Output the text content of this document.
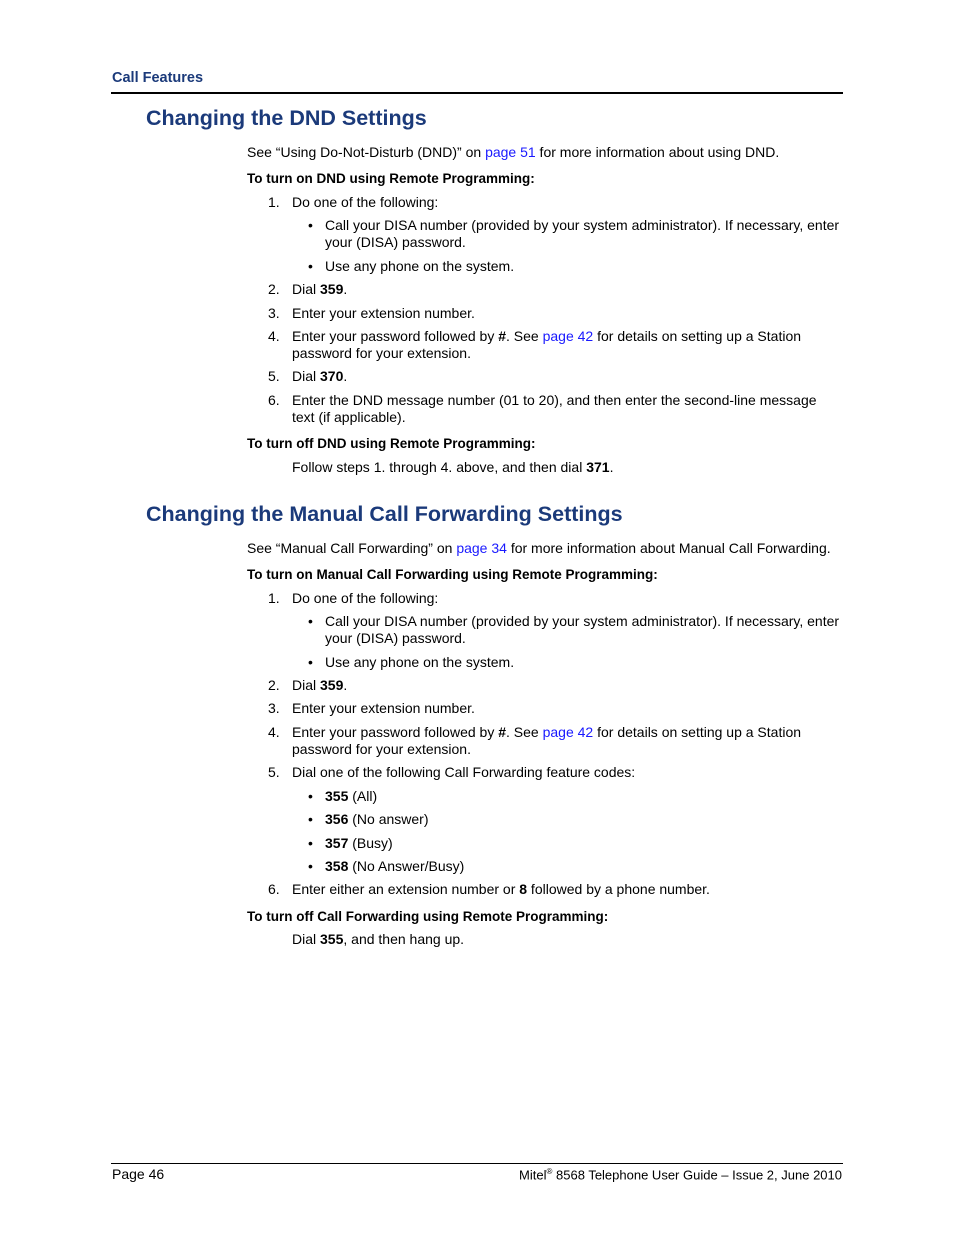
Call Features
Changing the DND Settings
See “Using Do-Not-Disturb (DND)” on page 51 for more information about using DND.
To turn on DND using Remote Programming:
1. Do one of the following:
• Call your DISA number (provided by your system administrator). If necessary, enter your (DISA) password.
• Use any phone on the system.
2. Dial 359.
3. Enter your extension number.
4. Enter your password followed by #. See page 42 for details on setting up a Station password for your extension.
5. Dial 370.
6. Enter the DND message number (01 to 20), and then enter the second-line message text (if applicable).
To turn off DND using Remote Programming:
Follow steps 1. through 4. above, and then dial 371.
Changing the Manual Call Forwarding Settings
See “Manual Call Forwarding” on page 34 for more information about Manual Call Forwarding.
To turn on Manual Call Forwarding using Remote Programming:
1. Do one of the following:
• Call your DISA number (provided by your system administrator). If necessary, enter your (DISA) password.
• Use any phone on the system.
2. Dial 359.
3. Enter your extension number.
4. Enter your password followed by #. See page 42 for details on setting up a Station password for your extension.
5. Dial one of the following Call Forwarding feature codes:
• 355 (All)
• 356 (No answer)
• 357 (Busy)
• 358 (No Answer/Busy)
6. Enter either an extension number or 8 followed by a phone number.
To turn off Call Forwarding using Remote Programming:
Dial 355, and then hang up.
Page 46	Mitel® 8568 Telephone User Guide – Issue 2, June 2010
